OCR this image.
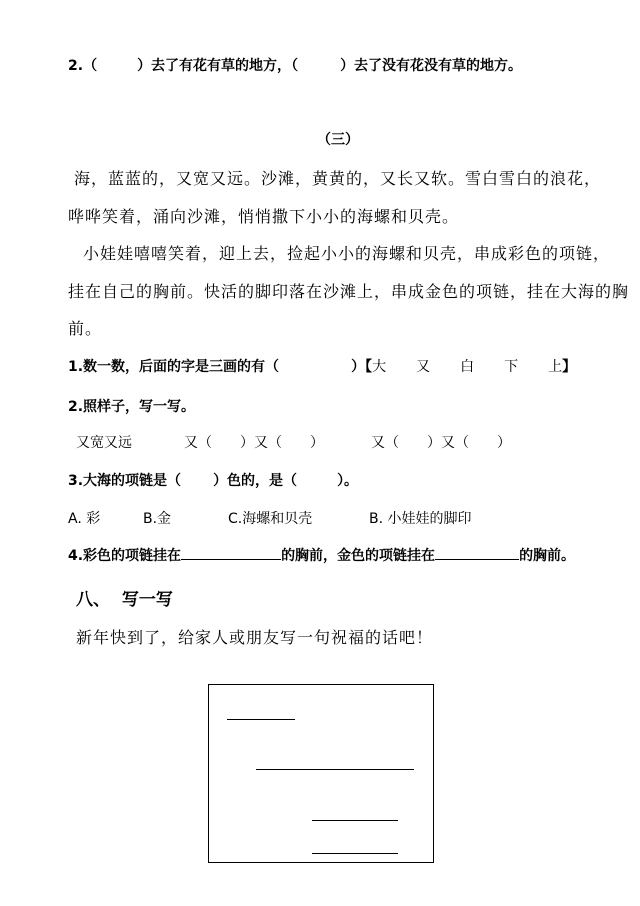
2.（	）去了有花有草的地方，（	）去了没有花没有草的地方。
（三）
海，蓝蓝的，又宽又远。沙滩，黄黄的，又长又软。雪白雪白的浪花，
哗哗笑着，涌向沙滩，悄悄撒下小小的海螺和贝壳。
小娃娃嘻嘻笑着，迎上去，捡起小小的海螺和贝壳，串成彩色的项链，
挂在自己的胸前。快活的脚印落在沙滩上，串成金色的项链，挂在大海的胸
前。
1.数一数，后面的字是三画的有（	）【大 又 白 下 上】
2.照样子，写一写。
又宽又远	又（　　）又（　　）	又（　　）又（　　）
3.大海的项链是（ ）色的，是（	）。
A. 彩	B.金	C.海螺和贝壳	B. 小娃娃的脚印
4.彩色的项链挂在	的胸前，金色的项链挂在	的胸前。
八、  写一写
新年快到了，给家人或朋友写一句祝福的话吧！
